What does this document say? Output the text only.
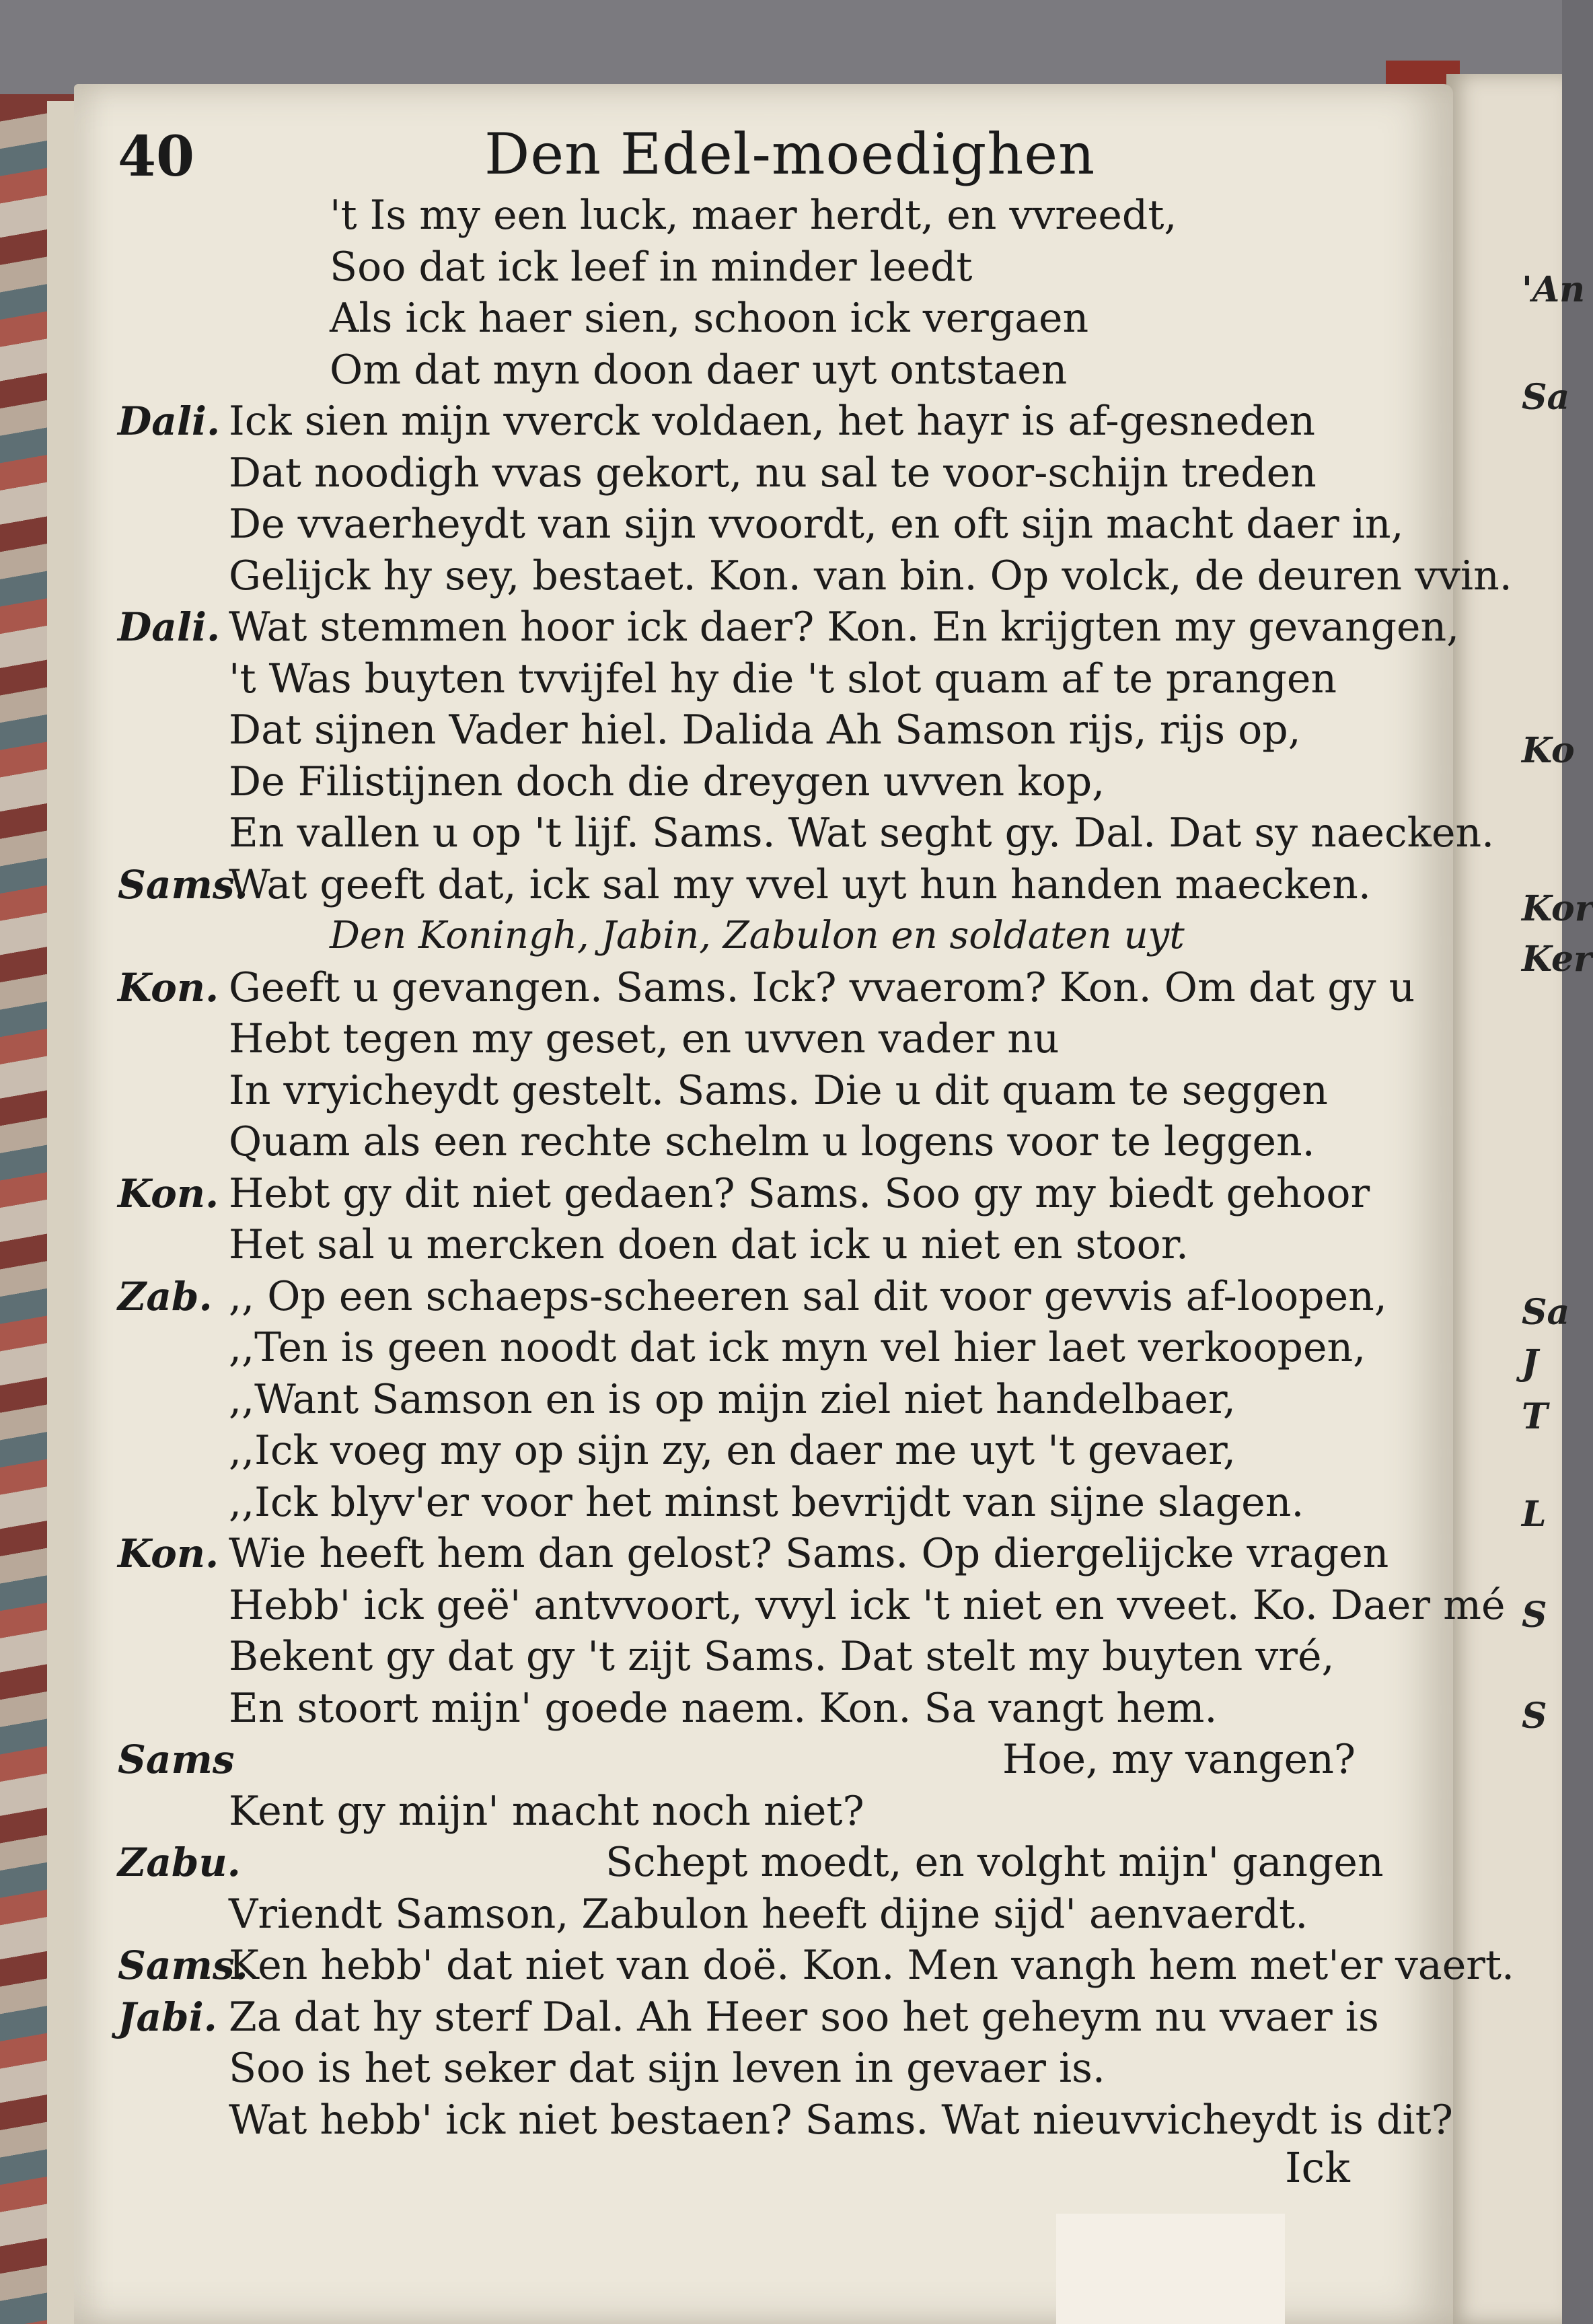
40	Den Edel-moedighen
't Is my een luck, maer herdt, en vvreedt,
Soo dat ick leef in minder leedt
Als ick haer sien, schoon ick vergaen
Om dat myn doon daer uyt ontstaen
Dali. Ick sien mijn vverck voldaen, het hayr is af-gesneden
Dat noodigh vvas gekort, nu sal te voor-schijn treden
De vvaerheydt van sijn vvoordt, en oft sijn macht daer in,
Gelijck hy sey, bestaet. Kon. van bin. Op volck, de deuren vvin.
Dali. Wat stemmen hoor ick daer? Kon. En krijgten my gevangen,
't Was buyten tvvijfel hy die 't slot quam af te prangen
Dat sijnen Vader hiel. Dalida Ah Samson rijs, rijs op,
De Filistijnen doch die dreygen uvven kop,
En vallen u op 't lijf. Sams. Wat seght gy. Dal. Dat sy naecken.
Sams.
Wat geeft dat, ick sal my vvel uyt hun handen maecken.
Den Koningh, Jabin, Zabulon en soldaten uyt
Kon. Geeft u gevangen. Sams. Ick? vvaerom? Kon. Om dat gy u
Hebt tegen my geset, en uvven vader nu
In vryicheydt gestelt. Sams. Die u dit quam te seggen
Quam als een rechte schelm u logens voor te leggen.
Kon. Hebt gy dit niet gedaen? Sams. Soo gy my biedt gehoor
Het sal u mercken doen dat ick u niet en stoor.
Zab. ,, Op een schaeps-scheeren sal dit voor gevvis af-loopen,
,,Ten is geen noodt dat ick myn vel hier laet verkoopen,
,,Want Samson en is op mijn ziel niet handelbaer,
,,Ick voeg my op sijn zy, en daer me uyt 't gevaer,
,,Ick blyv'er voor het minst bevrijdt van sijne slagen.
Kon. Wie heeft hem dan gelost? Sams. Op diergelijcke vragen
Hebb' ick geë' antvvoort, vvyl ick 't niet en vveet. Ko. Daer mé
Bekent gy dat gy 't zijt Sams. Dat stelt my buyten vré,
En stoort mijn' goede naem. Kon. Sa vangt hem.
Sams	Hoe, my vangen?
Kent gy mijn' macht noch niet?
Zabu.	Schept moedt, en volght mijn' gangen
Vriendt Samson, Zabulon heeft dijne sijd' aenvaerdt.
Sams.
Ken hebb' dat niet van doë. Kon. Men vangh hem met'er vaert.
Jabi. Za dat hy sterf Dal. Ah Heer soo het geheym nu vvaer is
Soo is het seker dat sijn leven in gevaer is.
Wat hebb' ick niet bestaen? Sams. Wat nieuvvicheydt is dit?
'An
Sa
Ko
Kor
Ker
Sa
J
T
L
S
S
Ick
